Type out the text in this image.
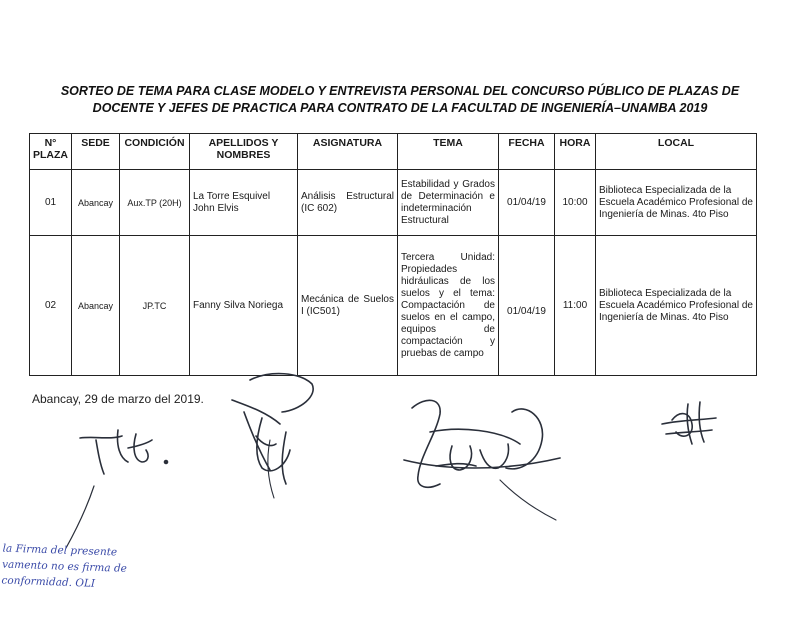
SORTEO DE TEMA PARA CLASE MODELO Y ENTREVISTA PERSONAL DEL CONCURSO PÚBLICO DE PLAZAS DE
DOCENTE Y JEFES DE PRACTICA PARA CONTRATO DE LA FACULTAD DE INGENIERÍA–UNAMBA 2019
N° PLAZA	SEDE	CONDICIÓN	APELLIDOS Y NOMBRES	ASIGNATURA	TEMA	FECHA	HORA	LOCAL
01	Abancay	Aux.TP (20H)	La Torre Esquivel John Elvis	Análisis Estructural (IC 602)	Estabilidad y Grados de Determinación e indeterminación Estructural	01/04/19	10:00	Biblioteca Especializada de la Escuela Académico Profesional de Ingeniería de Minas. 4to Piso
02	Abancay	JP.TC	Fanny Silva Noriega	Mecánica de Suelos I (IC501)	Tercera Unidad: Propiedades hidráulicas de los suelos y el tema: Compactación de suelos en el campo, equipos de compactación y pruebas de campo	01/04/19	11:00	Biblioteca Especializada de la Escuela Académico Profesional de Ingeniería de Minas. 4to Piso
Abancay, 29 de marzo del 2019.
la Firma del presente
vamento no es firma de
conformidad. OLI
